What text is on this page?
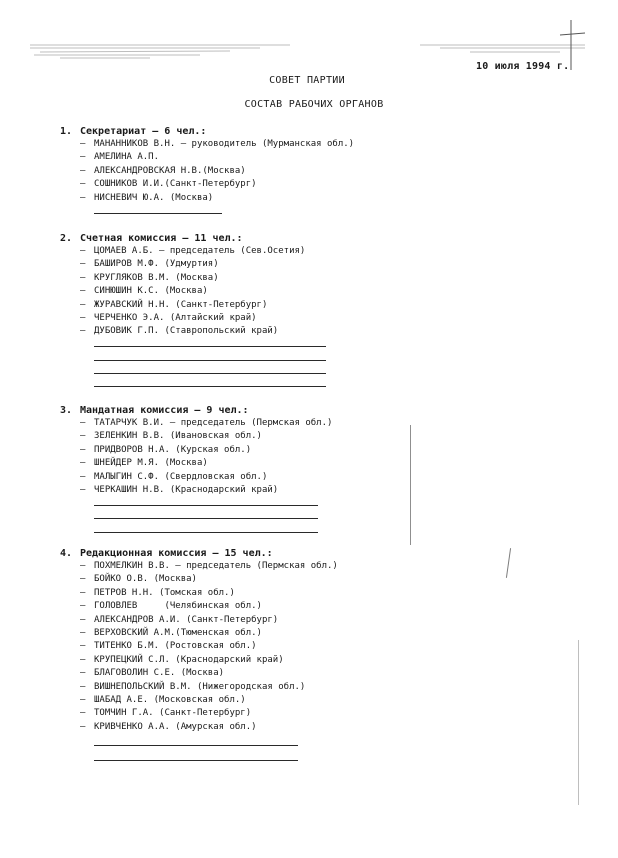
10 июля 1994 г.
СОВЕТ ПАРТИИ
СОСТАВ РАБОЧИХ ОРГАНОВ
1. Секретариат – 6 чел.:
– МАНАННИКОВ В.Н. – руководитель (Мурманская обл.)
– АМЕЛИНА А.П.
– АЛЕКСАНДРОВСКАЯ Н.В.(Москва)
– СОШНИКОВ И.И.(Санкт-Петербург)
– НИСНЕВИЧ Ю.А. (Москва)
2. Счетная комиссия – 11 чел.:
– ЦОМАЕВ А.Б. – председатель (Сев.Осетия)
– БАШИРОВ М.Ф. (Удмуртия)
– КРУГЛЯКОВ В.М. (Москва)
– СИНЮШИН К.С. (Москва)
– ЖУРАВСКИЙ Н.Н. (Санкт-Петербург)
– ЧЕРЧЕНКО Э.А. (Алтайский край)
– ДУБОВИК Г.П. (Ставропольский край)
3. Мандатная комиссия – 9 чел.:
– ТАТАРЧУК В.И. – председатель (Пермская обл.)
– ЗЕЛЕНКИН В.В. (Ивановская обл.)
– ПРИДВОРОВ Н.А. (Курская обл.)
– ШНЕЙДЕР М.Я. (Москва)
– МАЛЫГИН С.Ф. (Свердловская обл.)
– ЧЕРКАШИН Н.В. (Краснодарский край)
4. Редакционная комиссия – 15 чел.:
– ПОХМЕЛКИН В.В. – председатель (Пермская обл.)
– БОЙКО О.В. (Москва)
– ПЕТРОВ Н.Н. (Томская обл.)
– ГОЛОВЛЕВ     (Челябинская обл.)
– АЛЕКСАНДРОВ А.И. (Санкт-Петербург)
– ВЕРХОВСКИЙ А.М.(Тюменская обл.)
– ТИТЕНКО Б.М. (Ростовская обл.)
– КРУПЕЦКИЙ С.Л. (Краснодарский край)
– БЛАГОВОЛИН С.Е. (Москва)
– ВИШНЕПОЛЬСКИЙ В.М. (Нижегородская обл.)
– ШАБАД А.Е. (Московская обл.)
– ТОМЧИН Г.А. (Санкт-Петербург)
– КРИВЧЕНКО А.А. (Амурская обл.)
